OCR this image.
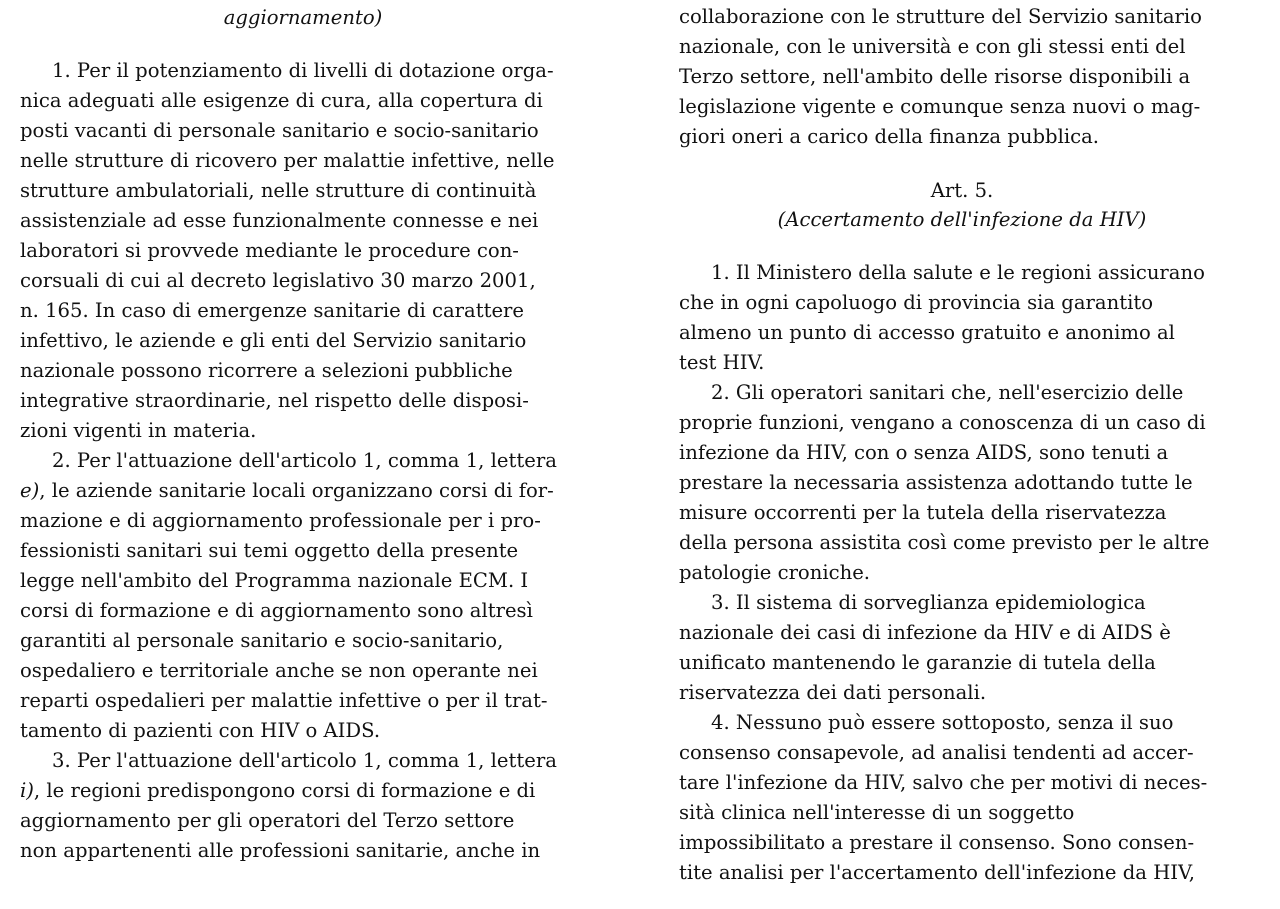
aggiornamento)
1. Per il potenziamento di livelli di dotazione orga-
nica adeguati alle esigenze di cura, alla copertura di
posti vacanti di personale sanitario e socio-sanitario
nelle strutture di ricovero per malattie infettive, nelle
strutture ambulatoriali, nelle strutture di continuità
assistenziale ad esse funzionalmente connesse e nei
laboratori si provvede mediante le procedure con-
corsuali di cui al decreto legislativo 30 marzo 2001,
n. 165. In caso di emergenze sanitarie di carattere
infettivo, le aziende e gli enti del Servizio sanitario
nazionale possono ricorrere a selezioni pubbliche
integrative straordinarie, nel rispetto delle disposi-
zioni vigenti in materia.
2. Per l'attuazione dell'articolo 1, comma 1, lettera
e), le aziende sanitarie locali organizzano corsi di for-
mazione e di aggiornamento professionale per i pro-
fessionisti sanitari sui temi oggetto della presente
legge nell'ambito del Programma nazionale ECM. I
corsi di formazione e di aggiornamento sono altresì
garantiti al personale sanitario e socio-sanitario,
ospedaliero e territoriale anche se non operante nei
reparti ospedalieri per malattie infettive o per il trat-
tamento di pazienti con HIV o AIDS.
3. Per l'attuazione dell'articolo 1, comma 1, lettera
i), le regioni predispongono corsi di formazione e di
aggiornamento per gli operatori del Terzo settore
non appartenenti alle professioni sanitarie, anche in
collaborazione con le strutture del Servizio sanitario
nazionale, con le università e con gli stessi enti del
Terzo settore, nell'ambito delle risorse disponibili a
legislazione vigente e comunque senza nuovi o mag-
giori oneri a carico della finanza pubblica.
Art. 5.
(Accertamento dell'infezione da HIV)
1. Il Ministero della salute e le regioni assicurano
che in ogni capoluogo di provincia sia garantito
almeno un punto di accesso gratuito e anonimo al
test HIV.
2. Gli operatori sanitari che, nell'esercizio delle
proprie funzioni, vengano a conoscenza di un caso di
infezione da HIV, con o senza AIDS, sono tenuti a
prestare la necessaria assistenza adottando tutte le
misure occorrenti per la tutela della riservatezza
della persona assistita così come previsto per le altre
patologie croniche.
3. Il sistema di sorveglianza epidemiologica
nazionale dei casi di infezione da HIV e di AIDS è
unificato mantenendo le garanzie di tutela della
riservatezza dei dati personali.
4. Nessuno può essere sottoposto, senza il suo
consenso consapevole, ad analisi tendenti ad accer-
tare l'infezione da HIV, salvo che per motivi di neces-
sità clinica nell'interesse di un soggetto
impossibilitato a prestare il consenso. Sono consen-
tite analisi per l'accertamento dell'infezione da HIV,
